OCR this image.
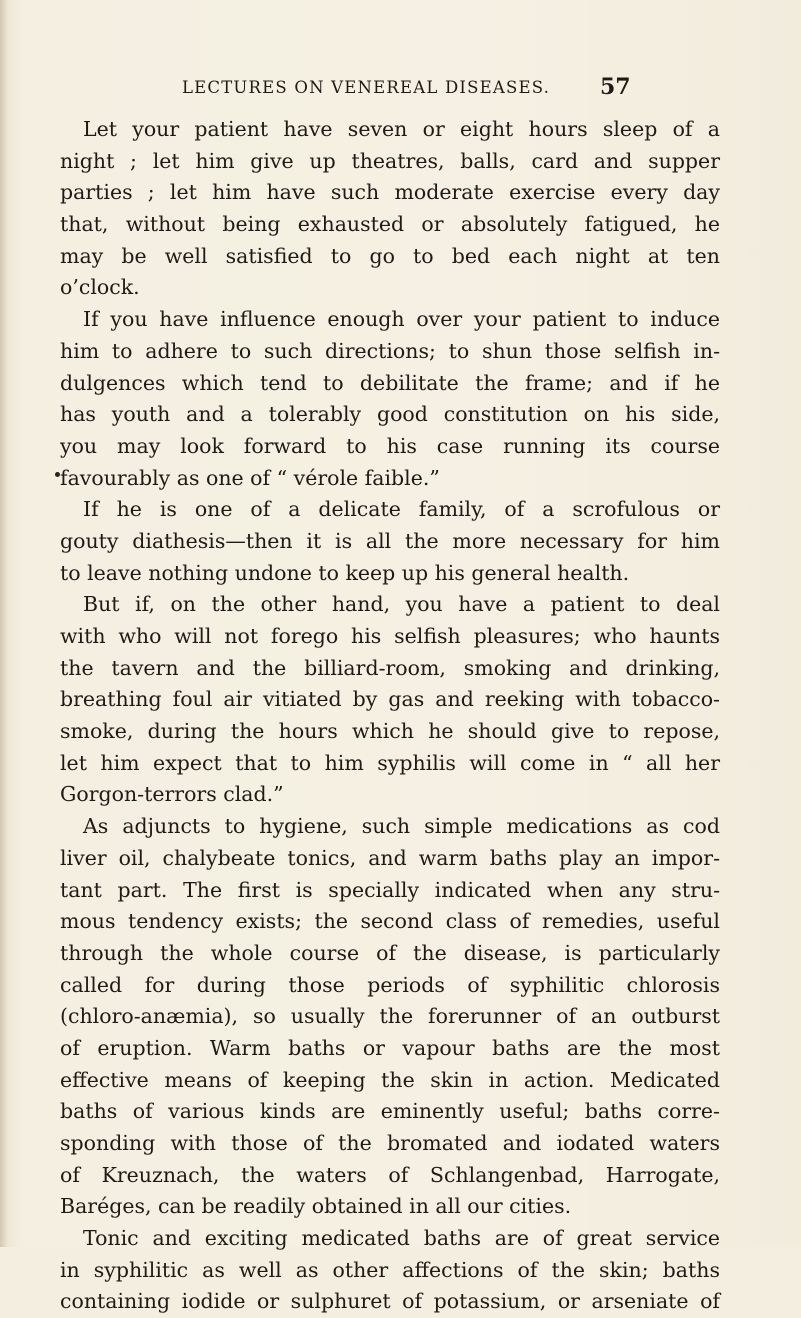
LECTURES ON VENEREAL DISEASES.	57
Let your patient have seven or eight hours sleep of a
night ; let him give up theatres, balls, card and supper
parties ; let him have such moderate exercise every day
that, without being exhausted or absolutely fatigued, he
may be well satisfied to go to bed each night at ten
o’clock.
If you have influence enough over your patient to induce
him to adhere to such directions; to shun those selfish in-
dulgences which tend to debilitate the frame; and if he
has youth and a tolerably good constitution on his side,
you may look forward to his case running its course
favourably as one of “ vérole faible.”
If he is one of a delicate family, of a scrofulous or
gouty diathesis—then it is all the more necessary for him
to leave nothing undone to keep up his general health.
But if, on the other hand, you have a patient to deal
with who will not forego his selfish pleasures; who haunts
the tavern and the billiard-room, smoking and drinking,
breathing foul air vitiated by gas and reeking with tobacco-
smoke, during the hours which he should give to repose,
let him expect that to him syphilis will come in “ all her
Gorgon-terrors clad.”
As adjuncts to hygiene, such simple medications as cod
liver oil, chalybeate tonics, and warm baths play an impor-
tant part. The first is specially indicated when any stru-
mous tendency exists; the second class of remedies, useful
through the whole course of the disease, is particularly
called for during those periods of syphilitic chlorosis
(chloro-anæmia), so usually the forerunner of an outburst
of eruption. Warm baths or vapour baths are the most
effective means of keeping the skin in action. Medicated
baths of various kinds are eminently useful; baths corre-
sponding with those of the bromated and iodated waters
of Kreuznach, the waters of Schlangenbad, Harrogate,
Baréges, can be readily obtained in all our cities.
Tonic and exciting medicated baths are of great service
in syphilitic as well as other affections of the skin; baths
containing iodide or sulphuret of potassium, or arseniate of
